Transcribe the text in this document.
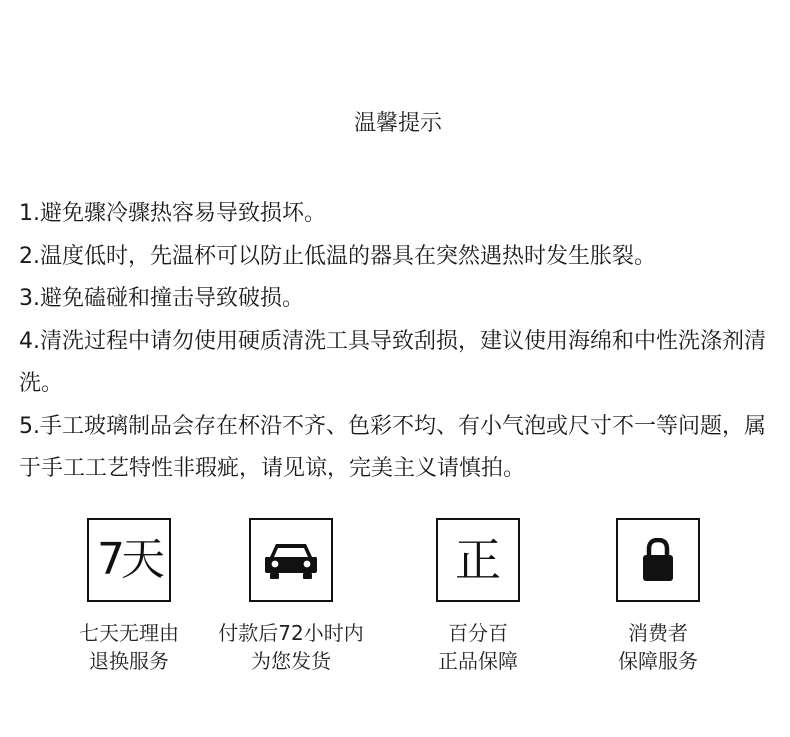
温馨提示

1.避免骤冷骤热容易导致损坏。

2.温度低时，先温杯可以防止低温的器具在突然遇热时发生胀裂。

3.避免磕碰和撞击导致破损。

4.清洗过程中请勿使用硬质清洗工具导致刮损，建议使用海绵和中性洗涤剂清洗。

5.手工玻璃制品会存在杯沿不齐、色彩不均、有小气泡或尺寸不一等问题，属于手工工艺特性非瑕疵，请见谅，完美主义请慎拍。

7天
七天无理由
退换服务
付款后72小时内
为您发货
正
百分百
正品保障
消费者
保障服务
